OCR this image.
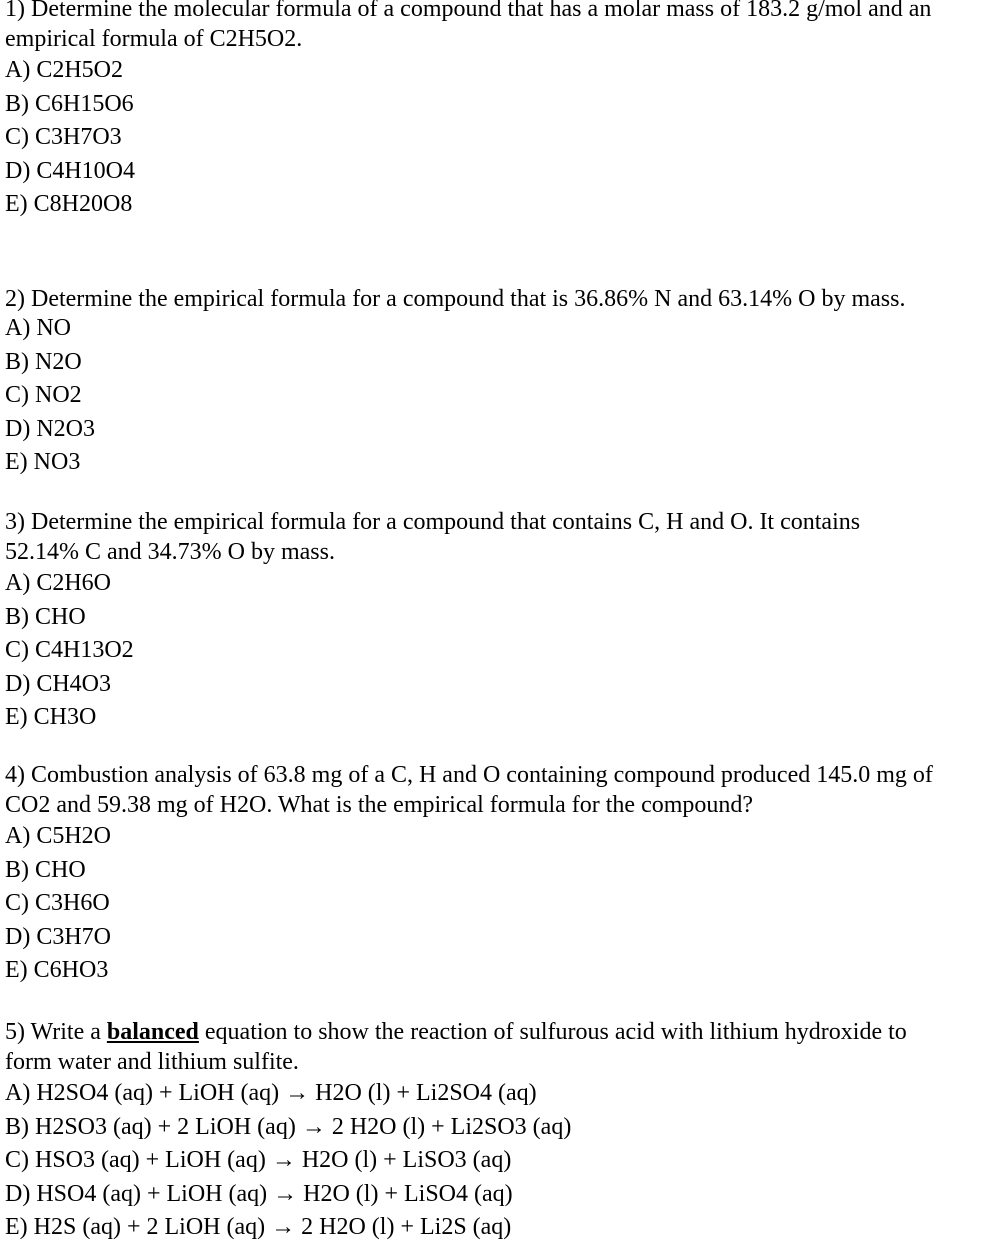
1) Determine the molecular formula of a compound that has a molar mass of 183.2 g/mol and an
empirical formula of C2H5O2.
A) C2H5O2
B) C6H15O6
C) C3H7O3
D) C4H10O4
E) C8H20O8
2) Determine the empirical formula for a compound that is 36.86% N and 63.14% O by mass.
A) NO
B) N2O
C) NO2
D) N2O3
E) NO3
3) Determine the empirical formula for a compound that contains C, H and O. It contains
52.14% C and 34.73% O by mass.
A) C2H6O
B) CHO
C) C4H13O2
D) CH4O3
E) CH3O
4) Combustion analysis of 63.8 mg of a C, H and O containing compound produced 145.0 mg of
CO2 and 59.38 mg of H2O. What is the empirical formula for the compound?
A) C5H2O
B) CHO
C) C3H6O
D) C3H7O
E) C6HO3
5) Write a balanced equation to show the reaction of sulfurous acid with lithium hydroxide to
form water and lithium sulfite.
A) H2SO4 (aq) + LiOH (aq) → H2O (l) + Li2SO4 (aq)
B) H2SO3 (aq) + 2 LiOH (aq) → 2 H2O (l) + Li2SO3 (aq)
C) HSO3 (aq) + LiOH (aq) → H2O (l) + LiSO3 (aq)
D) HSO4 (aq) + LiOH (aq) → H2O (l) + LiSO4 (aq)
E) H2S (aq) + 2 LiOH (aq) → 2 H2O (l) + Li2S (aq)
